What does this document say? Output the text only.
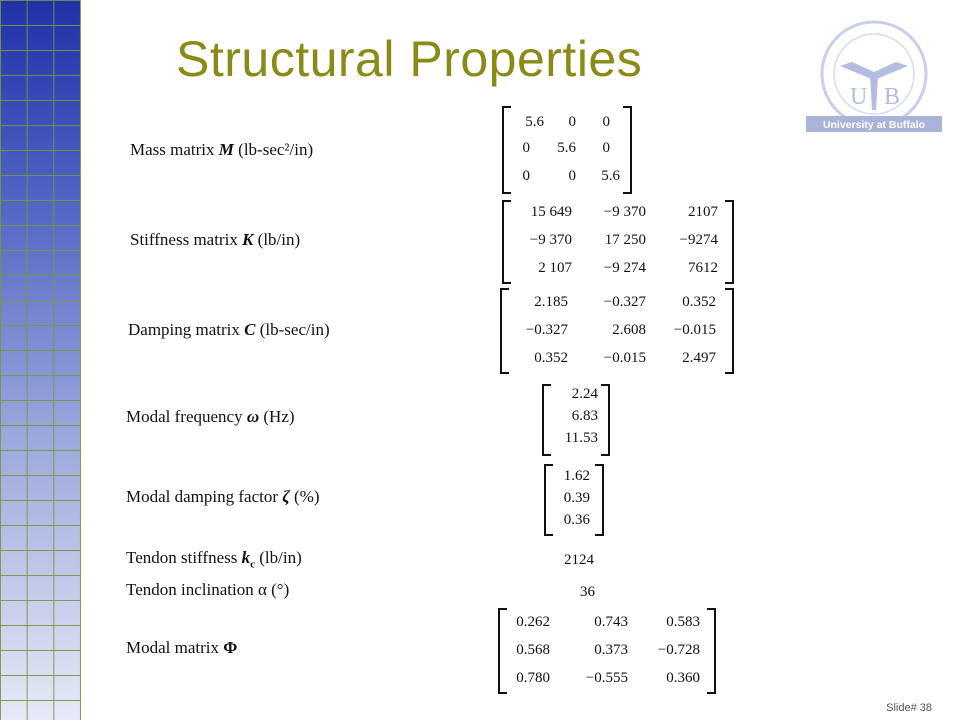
Structural Properties
U B
University at Buffalo
Mass matrix M (lb-sec²/in)
5.6	0	0
0	5.6	0
0	0	5.6
Stiffness matrix K (lb/in)
15 649	−9 370	2107
−9 370	17 250	−9274
2 107	−9 274	7612
Damping matrix C (lb-sec/in)
2.185	−0.327	0.352
−0.327	2.608	−0.015
0.352	−0.015	2.497
Modal frequency ω (Hz)
2.24
6.83
11.53
Modal damping factor ζ (%)
1.62
0.39
0.36
Tendon stiffness $k_c$ (lb/in)	2124
Tendon inclination α (°)	36
Modal matrix Φ
0.262	0.743	0.583
0.568	0.373	−0.728
0.780	−0.555	0.360
Slide# 38
